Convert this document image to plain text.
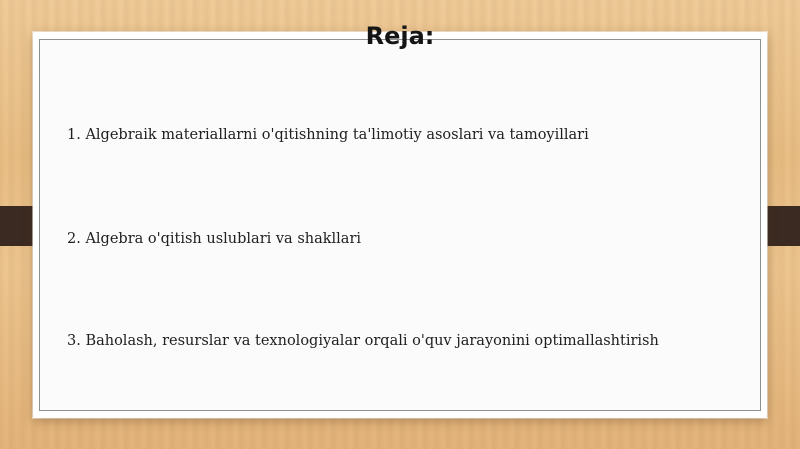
Reja:
1. Algebraik materiallarni o'qitishning ta'limotiy asoslari va tamoyillari
2. Algebra o'qitish uslublari va shakllari
3. Baholash, resurslar va texnologiyalar orqali o'quv jarayonini optimallashtirish
